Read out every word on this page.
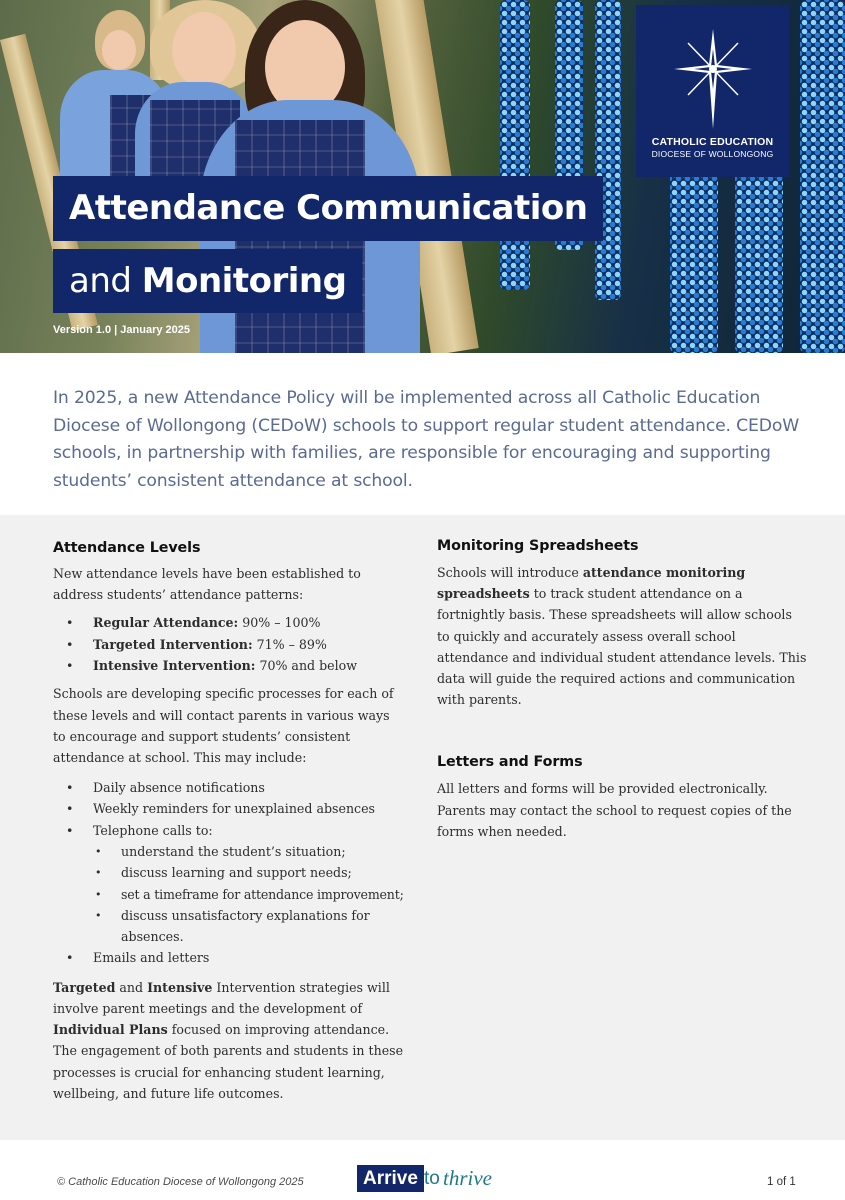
CATHOLIC EDUCATION
DIOCESE OF WOLLONGONG
Attendance Communication
and Monitoring
Version 1.0 | January 2025
In 2025, a new Attendance Policy will be implemented across all Catholic Education Diocese of Wollongong (CEDoW) schools to support regular student attendance. CEDoW schools, in partnership with families, are responsible for encouraging and supporting students’ consistent attendance at school.
Attendance Levels

New attendance levels have been established to address students’ attendance patterns:

• Regular Attendance: 90% – 100%
• Targeted Intervention: 71% – 89%
• Intensive Intervention: 70% and below

Schools are developing specific processes for each of these levels and will contact parents in various ways to encourage and support students’ consistent attendance at school. This may include:

• Daily absence notifications
• Weekly reminders for unexplained absences
• Telephone calls to:
• understand the student’s situation;
• discuss learning and support needs;
• set a timeframe for attendance improvement;
• discuss unsatisfactory explanations for absences.
• Emails and letters

Targeted and Intensive Intervention strategies will involve parent meetings and the development of Individual Plans focused on improving attendance. The engagement of both parents and students in these processes is crucial for enhancing student learning, wellbeing, and future life outcomes.

Monitoring Spreadsheets

Schools will introduce attendance monitoring spreadsheets to track student attendance on a fortnightly basis. These spreadsheets will allow schools to quickly and accurately assess overall school attendance and individual student attendance levels. This data will guide the required actions and communication with parents.

Letters and Forms

All letters and forms will be provided electronically. Parents may contact the school to request copies of the forms when needed.

© Catholic Education Diocese of Wollongong 2025	Arrive to thrive	1 of 1
